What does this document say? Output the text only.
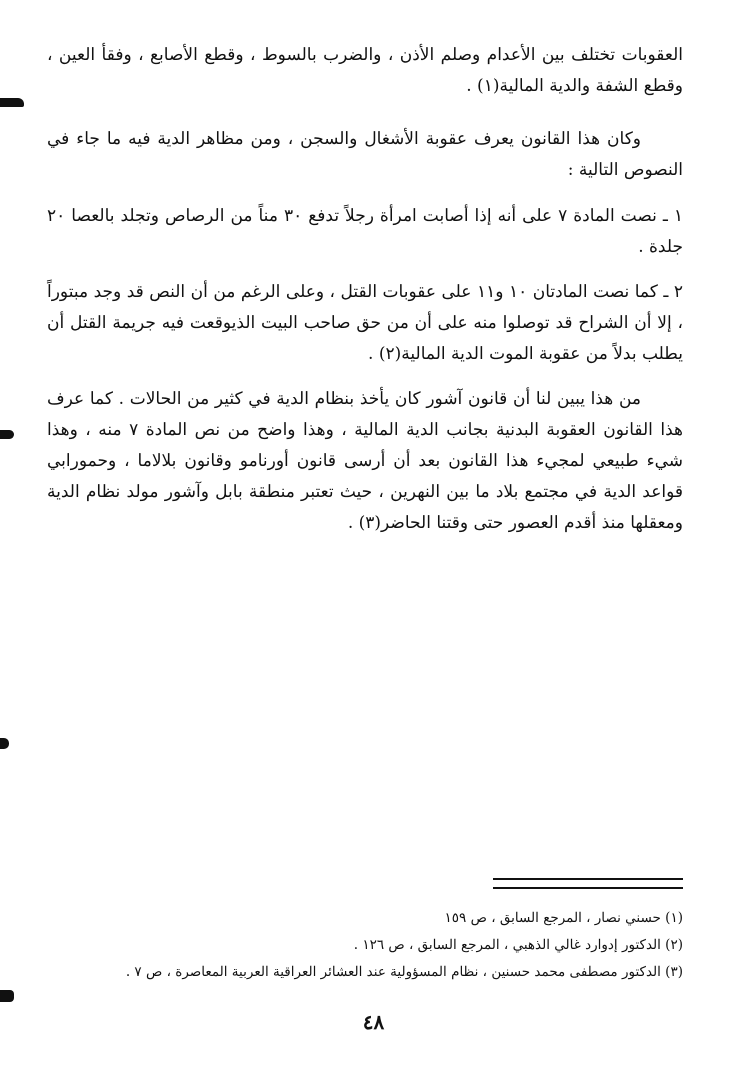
العقوبات تختلف بين الأعدام وصلم الأذن ، والضرب بالسوط ، وقطع الأصابع ، وفقأ العين ، وقطع الشفة والدية المالية(١) .

وكان هذا القانون يعرف عقوبة الأشغال والسجن ، ومن مظاهر الدية فيه ما جاء في النصوص التالية :

١ ـ نصت المادة ٧ على أنه إذا أصابت امرأة رجلاً تدفع ٣٠ مناً من الرصاص وتجلد بالعصا ٢٠ جلدة .

٢ ـ كما نصت المادتان ١٠ و١١ على عقوبات القتل ، وعلى الرغم من أن النص قد وجد مبتوراً ، إلا أن الشراح قد توصلوا منه على أن من حق صاحب البيت الذيوقعت فيه جريمة القتل أن يطلب بدلاً من عقوبة الموت الدية المالية(٢) .

من هذا يبين لنا أن قانون آشور كان يأخذ بنظام الدية في كثير من الحالات . كما عرف هذا القانون العقوبة البدنية بجانب الدية المالية ، وهذا واضح من نص المادة ٧ منه ، وهذا شيء طبيعي لمجيء هذا القانون بعد أن أرسى قانون أورنامو وقانون بلالاما ، وحمورابي قواعد الدية في مجتمع بلاد ما بين النهرين ، حيث تعتبر منطقة بابل وآشور مولد نظام الدية ومعقلها منذ أقدم العصور حتى وقتنا الحاضر(٣) .

(١) حسني نصار ، المرجع السابق ، ص ١٥٩

(٢) الدكتور إدوارد غالي الذهبي ، المرجع السابق ، ص ١٢٦ .

(٣) الدكتور مصطفى محمد حسنين ، نظام المسؤولية عند العشائر العراقية العربية المعاصرة ، ص ٧ .

٤٨
